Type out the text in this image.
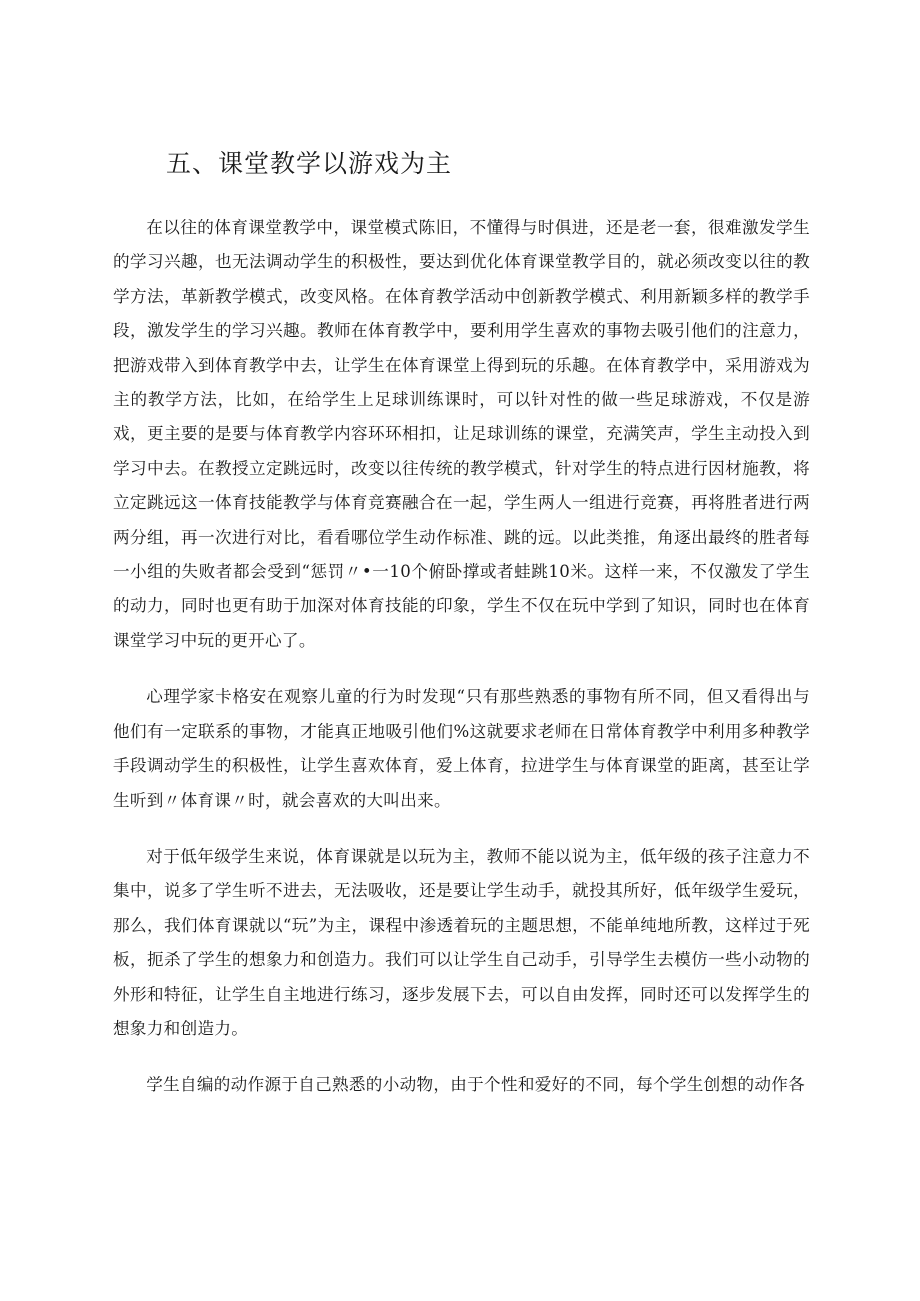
五、课堂教学以游戏为主

在以往的体育课堂教学中，课堂模式陈旧，不懂得与时俱进，还是老一套，很难激发学生的学习兴趣，也无法调动学生的积极性，要达到优化体育课堂教学目的，就必须改变以往的教学方法，革新教学模式，改变风格。在体育教学活动中创新教学模式、利用新颖多样的教学手段，激发学生的学习兴趣。教师在体育教学中，要利用学生喜欢的事物去吸引他们的注意力，把游戏带入到体育教学中去，让学生在体育课堂上得到玩的乐趣。在体育教学中，采用游戏为主的教学方法，比如，在给学生上足球训练课时，可以针对性的做一些足球游戏，不仅是游戏，更主要的是要与体育教学内容环环相扣，让足球训练的课堂，充满笑声，学生主动投入到学习中去。在教授立定跳远时，改变以往传统的教学模式，针对学生的特点进行因材施教，将立定跳远这一体育技能教学与体育竞赛融合在一起，学生两人一组进行竞赛，再将胜者进行两两分组，再一次进行对比，看看哪位学生动作标准、跳的远。以此类推，角逐出最终的胜者每一小组的失败者都会受到“惩罚〃•一10个俯卧撑或者蛙跳10米。这样一来，不仅激发了学生的动力，同时也更有助于加深对体育技能的印象，学生不仅在玩中学到了知识，同时也在体育课堂学习中玩的更开心了。

心理学家卡格安在观察儿童的行为时发现“只有那些熟悉的事物有所不同，但又看得出与他们有一定联系的事物，才能真正地吸引他们%这就要求老师在日常体育教学中利用多种教学手段调动学生的积极性，让学生喜欢体育，爱上体育，拉进学生与体育课堂的距离，甚至让学生听到〃体育课〃时，就会喜欢的大叫出来。

对于低年级学生来说，体育课就是以玩为主，教师不能以说为主，低年级的孩子注意力不集中，说多了学生听不进去，无法吸收，还是要让学生动手，就投其所好，低年级学生爱玩，那么，我们体育课就以“玩”为主，课程中渗透着玩的主题思想，不能单纯地所教，这样过于死板，扼杀了学生的想象力和创造力。我们可以让学生自己动手，引导学生去模仿一些小动物的外形和特征，让学生自主地进行练习，逐步发展下去，可以自由发挥，同时还可以发挥学生的想象力和创造力。

学生自编的动作源于自己熟悉的小动物，由于个性和爱好的不同，每个学生创想的动作各
